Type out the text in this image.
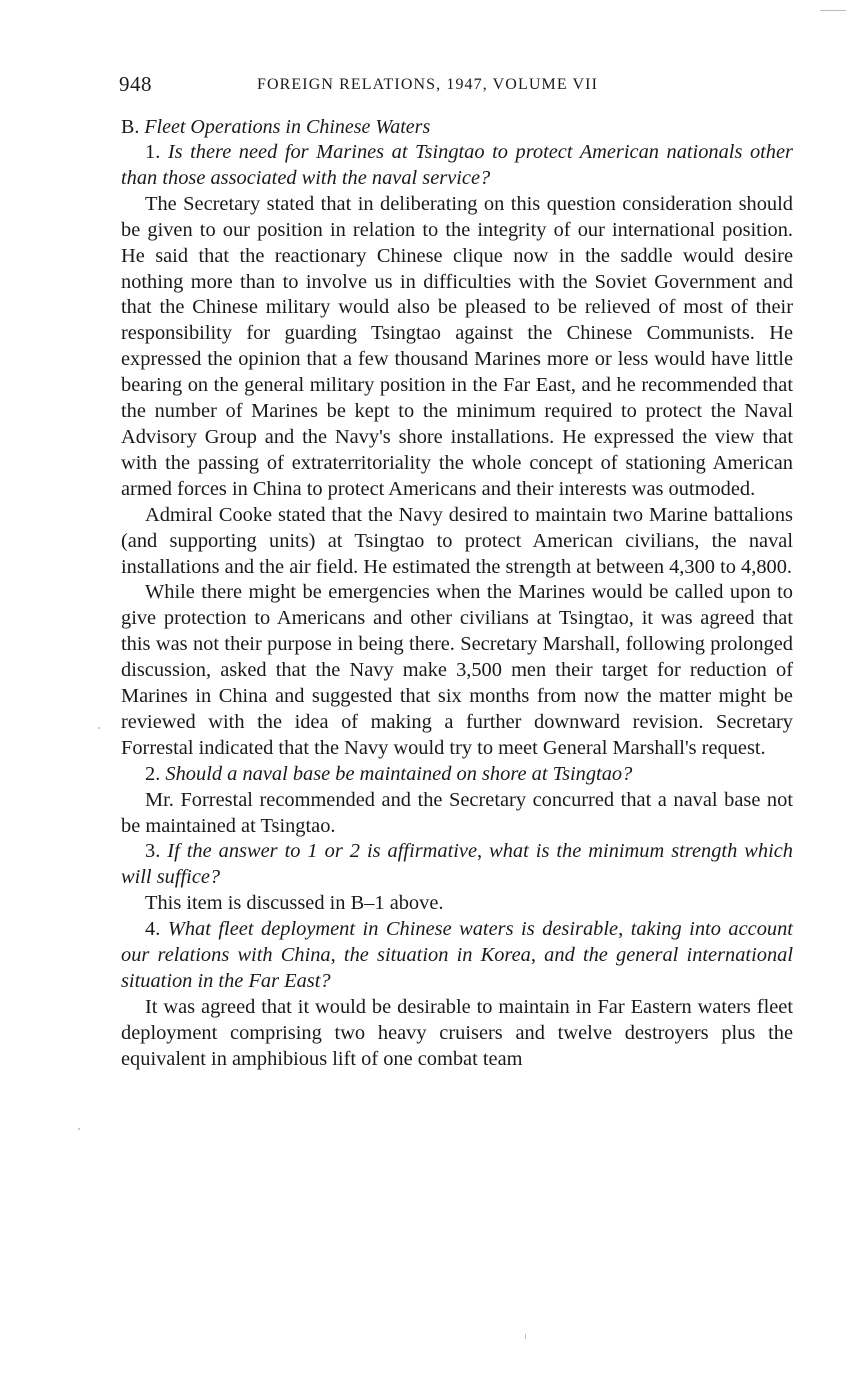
948	FOREIGN RELATIONS, 1947, VOLUME VII
B. Fleet Operations in Chinese Waters

1. Is there need for Marines at Tsingtao to protect American nationals other than those associated with the naval service?

The Secretary stated that in deliberating on this question consideration should be given to our position in relation to the integrity of our international position. He said that the reactionary Chinese clique now in the saddle would desire nothing more than to involve us in difficulties with the Soviet Government and that the Chinese military would also be pleased to be relieved of most of their responsibility for guarding Tsingtao against the Chinese Communists. He expressed the opinion that a few thousand Marines more or less would have little bearing on the general military position in the Far East, and he recommended that the number of Marines be kept to the minimum required to protect the Naval Advisory Group and the Navy's shore installations. He expressed the view that with the passing of extraterritoriality the whole concept of stationing American armed forces in China to protect Americans and their interests was outmoded.

Admiral Cooke stated that the Navy desired to maintain two Marine battalions (and supporting units) at Tsingtao to protect American civilians, the naval installations and the air field. He estimated the strength at between 4,300 to 4,800.

While there might be emergencies when the Marines would be called upon to give protection to Americans and other civilians at Tsingtao, it was agreed that this was not their purpose in being there. Secretary Marshall, following prolonged discussion, asked that the Navy make 3,500 men their target for reduction of Marines in China and suggested that six months from now the matter might be reviewed with the idea of making a further downward revision. Secretary Forrestal indicated that the Navy would try to meet General Marshall's request.

2. Should a naval base be maintained on shore at Tsingtao?

Mr. Forrestal recommended and the Secretary concurred that a naval base not be maintained at Tsingtao.

3. If the answer to 1 or 2 is affirmative, what is the minimum strength which will suffice?

This item is discussed in B–1 above.

4. What fleet deployment in Chinese waters is desirable, taking into account our relations with China, the situation in Korea, and the general international situation in the Far East?

It was agreed that it would be desirable to maintain in Far Eastern waters fleet deployment comprising two heavy cruisers and twelve destroyers plus the equivalent in amphibious lift of one combat team
